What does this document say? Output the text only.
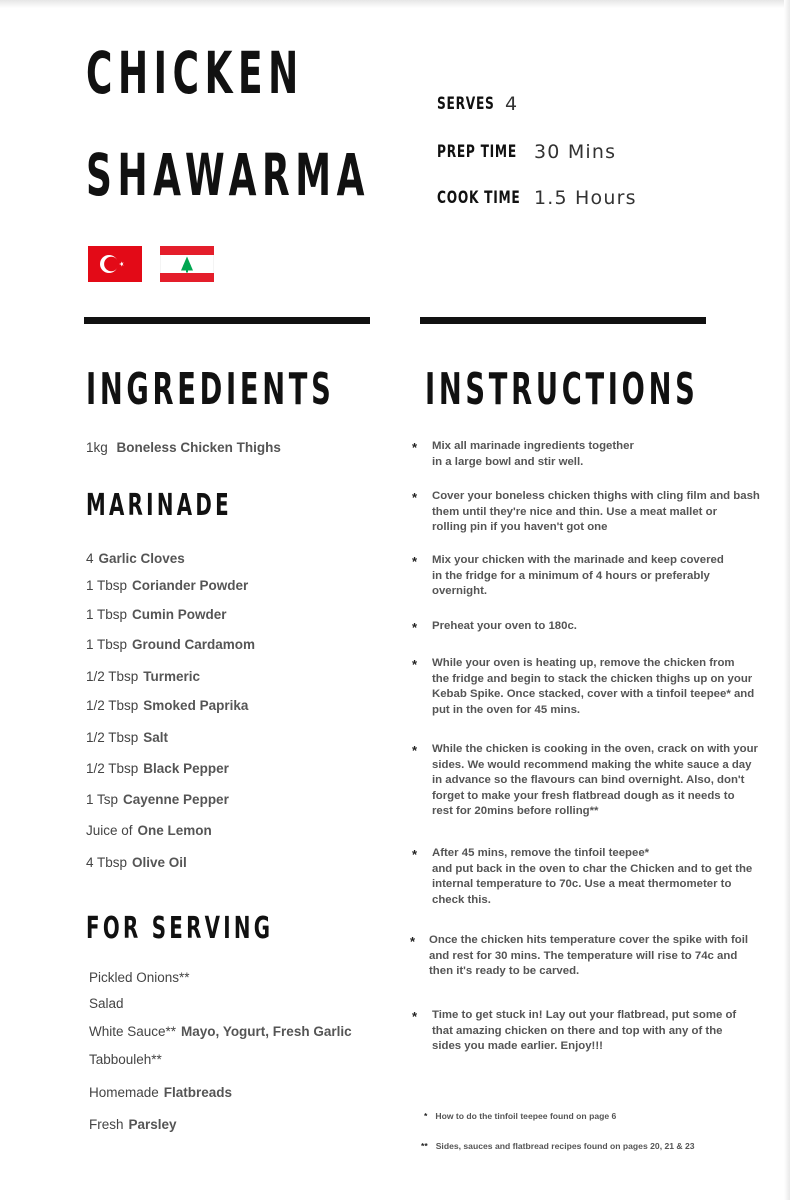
CHICKEN
SHAWARMA
SERVES 4
PREP TIME 30 Mins
COOK TIME 1.5 Hours
INGREDIENTS INSTRUCTIONS
1kg Boneless Chicken Thighs
MARINADE
4 Garlic Cloves
1 Tbsp Coriander Powder
1 Tbsp Cumin Powder
1 Tbsp Ground Cardamom
1/2 Tbsp Turmeric
1/2 Tbsp Smoked Paprika
1/2 Tbsp Salt
1/2 Tbsp Black Pepper
1 Tsp Cayenne Pepper
Juice of One Lemon
4 Tbsp Olive Oil
FOR SERVING
Pickled Onions**
Salad
White Sauce** Mayo, Yogurt, Fresh Garlic
Tabbouleh**
Homemade Flatbreads
Fresh Parsley
* Mix all marinade ingredients together
in a large bowl and stir well.
* Cover your boneless chicken thighs with cling film and bash
them until they're nice and thin. Use a meat mallet or
rolling pin if you haven't got one
* Mix your chicken with the marinade and keep covered
in the fridge for a minimum of 4 hours or preferably
overnight.
* Preheat your oven to 180c.
* While your oven is heating up, remove the chicken from
the fridge and begin to stack the chicken thighs up on your
Kebab Spike. Once stacked, cover with a tinfoil teepee* and
put in the oven for 45 mins.
* While the chicken is cooking in the oven, crack on with your
sides. We would recommend making the white sauce a day
in advance so the flavours can bind overnight. Also, don't
forget to make your fresh flatbread dough as it needs to
rest for 20mins before rolling**
* After 45 mins, remove the tinfoil teepee*
and put back in the oven to char the Chicken and to get the
internal temperature to 70c. Use a meat thermometer to
check this.
* Once the chicken hits temperature cover the spike with foil
and rest for 30 mins. The temperature will rise to 74c and
then it's ready to be carved.
* Time to get stuck in! Lay out your flatbread, put some of
that amazing chicken on there and top with any of the
sides you made earlier. Enjoy!!!
* How to do the tinfoil teepee found on page 6
** Sides, sauces and flatbread recipes found on pages 20, 21 & 23
